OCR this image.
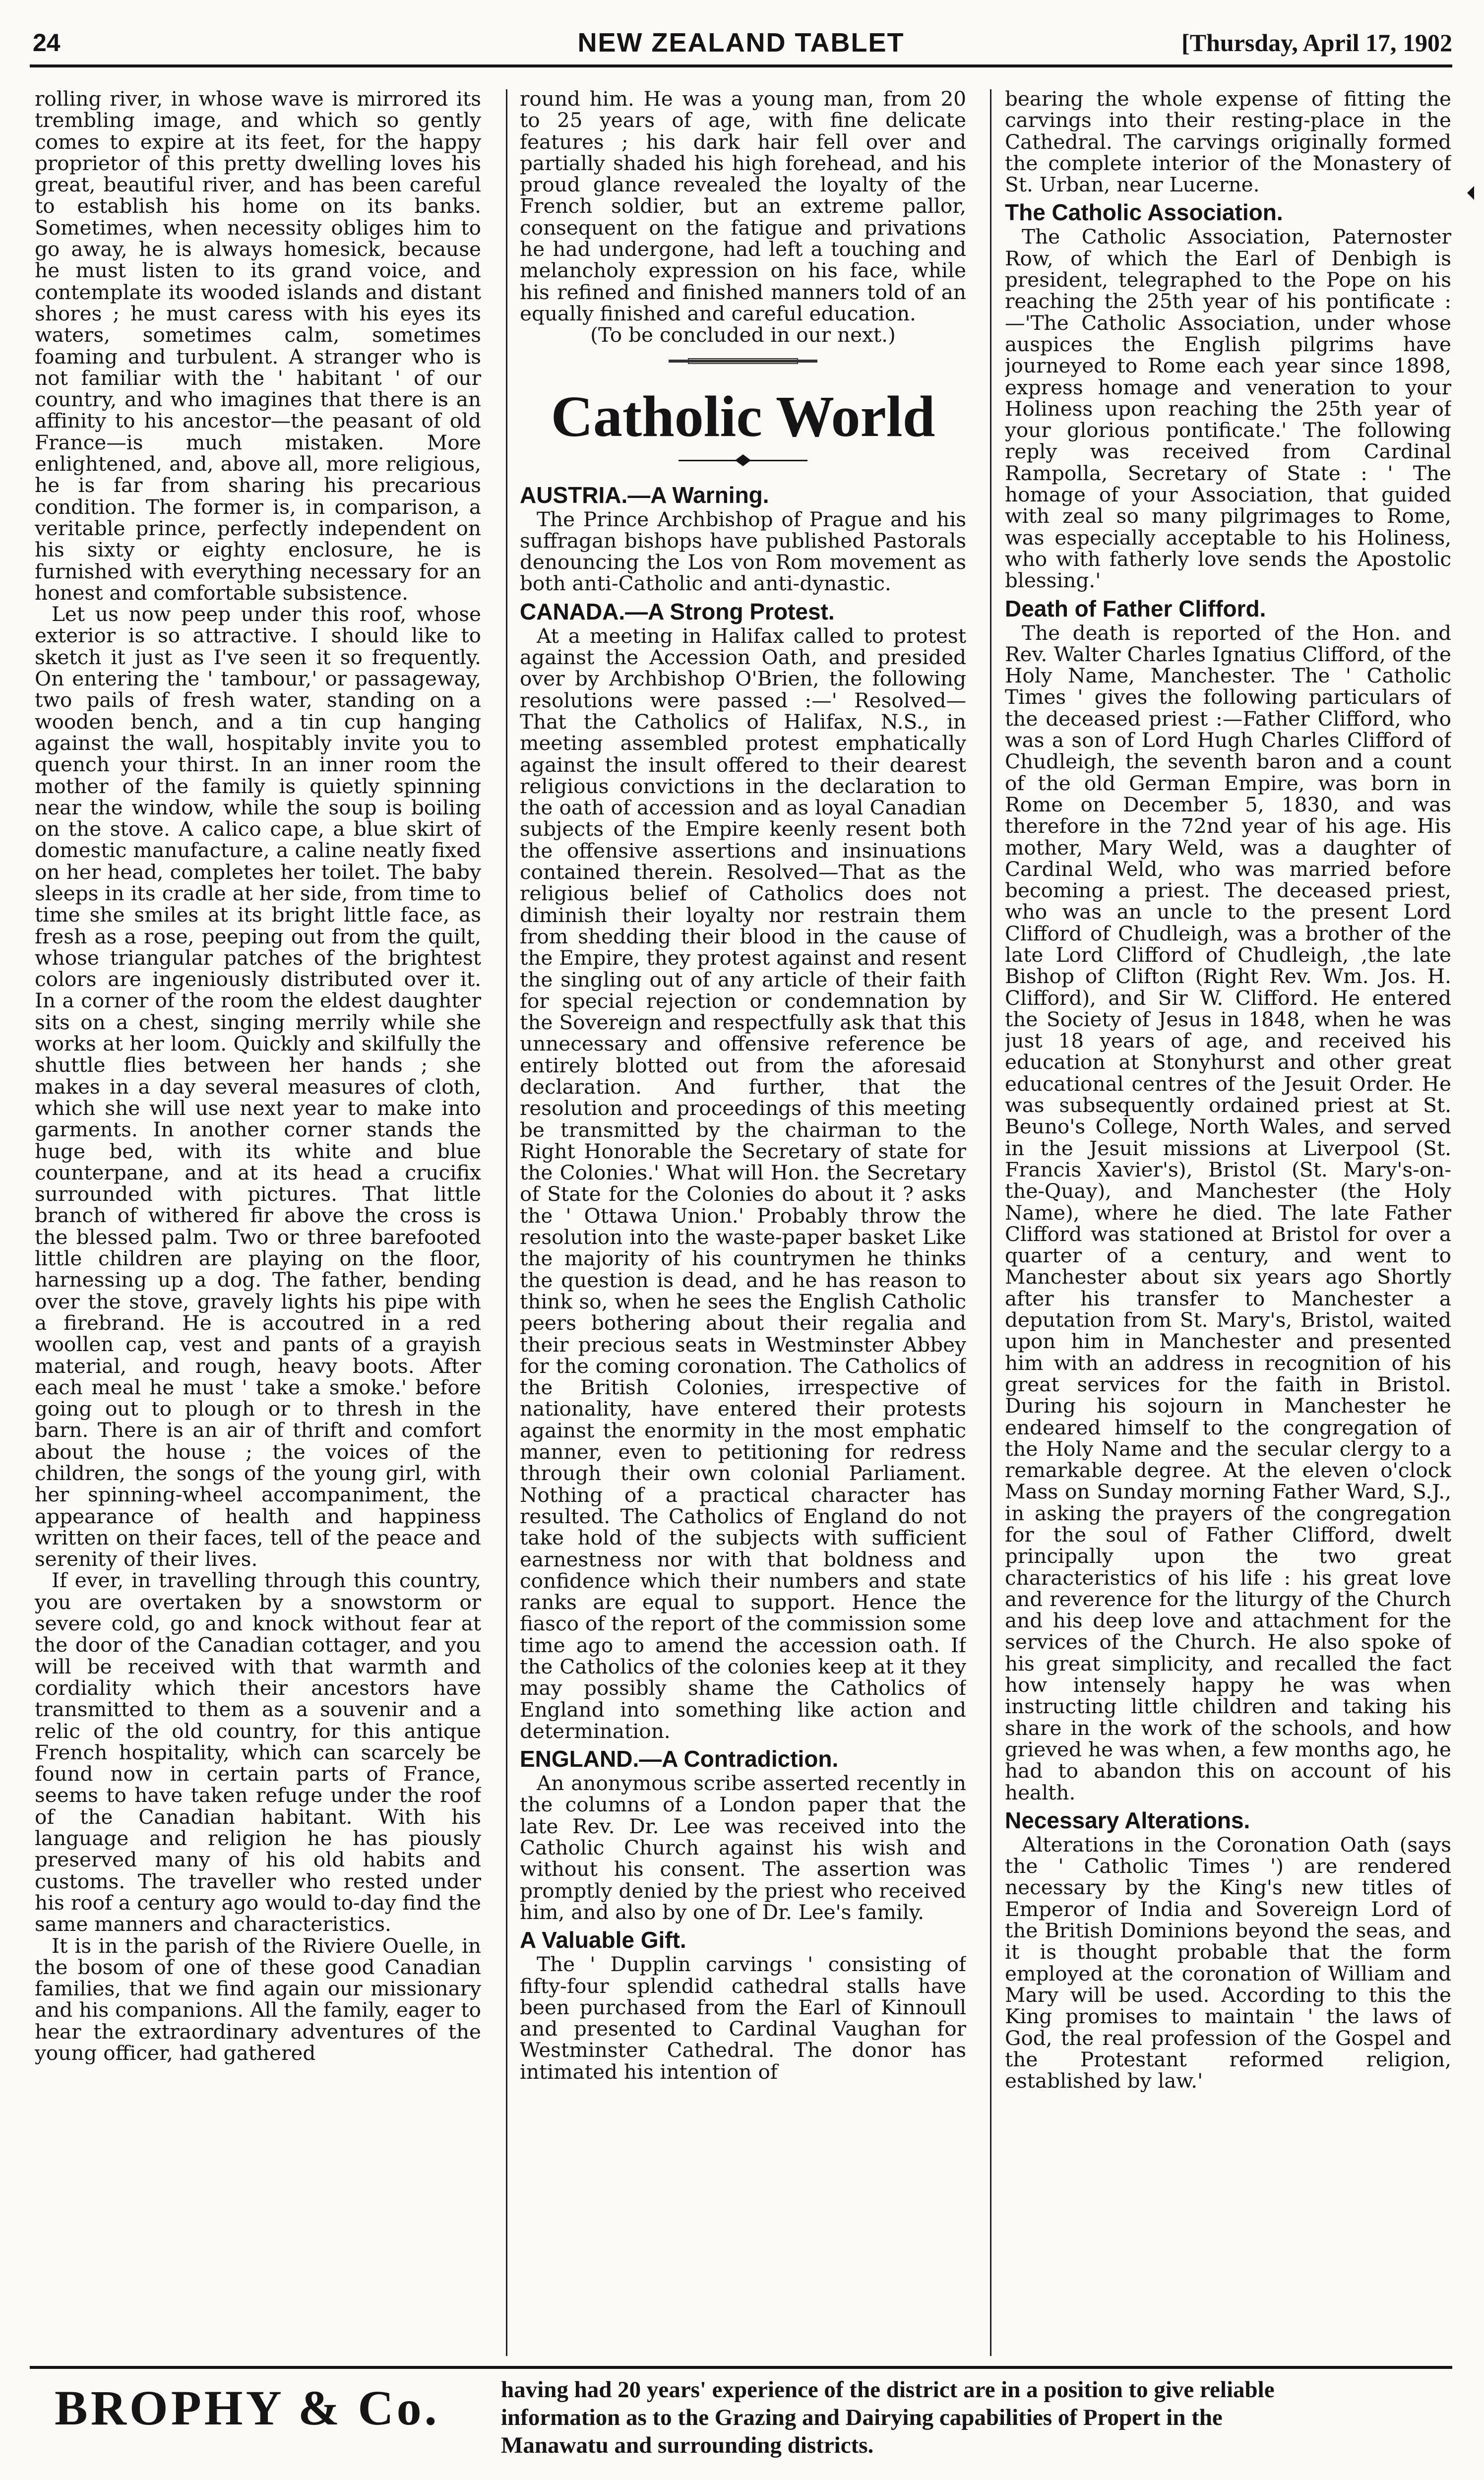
24	NEW ZEALAND TABLET	[Thursday, April 17, 1902

rolling river, in whose wave is mirrored its trembling image, and which so gently comes to expire at its feet, for the happy proprietor of this pretty dwelling loves his great, beautiful river, and has been careful to establish his home on its banks. Sometimes, when necessity obliges him to go away, he is always homesick, because he must listen to its grand voice, and contemplate its wooded islands and distant shores ; he must caress with his eyes its waters, sometimes calm, sometimes foaming and turbulent. A stranger who is not familiar with the ' habitant ' of our country, and who imagines that there is an affinity to his ancestor—the peasant of old France—is much mistaken. More enlightened, and, above all, more religious, he is far from sharing his precarious condition. The former is, in comparison, a veritable prince, perfectly independent on his sixty or eighty enclosure, he is furnished with everything necessary for an honest and comfortable subsistence.

Let us now peep under this roof, whose exterior is so attractive. I should like to sketch it just as I've seen it so frequently. On entering the ' tambour,' or passageway, two pails of fresh water, standing on a wooden bench, and a tin cup hanging against the wall, hospitably invite you to quench your thirst. In an inner room the mother of the family is quietly spinning near the window, while the soup is boiling on the stove. A calico cape, a blue skirt of domestic manufacture, a caline neatly fixed on her head, completes her toilet. The baby sleeps in its cradle at her side, from time to time she smiles at its bright little face, as fresh as a rose, peeping out from the quilt, whose triangular patches of the brightest colors are ingeniously distributed over it. In a corner of the room the eldest daughter sits on a chest, singing merrily while she works at her loom. Quickly and skilfully the shuttle flies between her hands ; she makes in a day several measures of cloth, which she will use next year to make into garments. In another corner stands the huge bed, with its white and blue counterpane, and at its head a crucifix surrounded with pictures. That little branch of withered fir above the cross is the blessed palm. Two or three barefooted little children are playing on the floor, harnessing up a dog. The father, bending over the stove, gravely lights his pipe with a firebrand. He is accoutred in a red woollen cap, vest and pants of a grayish material, and rough, heavy boots. After each meal he must ' take a smoke.' before going out to plough or to thresh in the barn. There is an air of thrift and comfort about the house ; the voices of the children, the songs of the young girl, with her spinning-wheel accompaniment, the appearance of health and happiness written on their faces, tell of the peace and serenity of their lives.

If ever, in travelling through this country, you are overtaken by a snowstorm or severe cold, go and knock without fear at the door of the Canadian cottager, and you will be received with that warmth and cordiality which their ancestors have transmitted to them as a souvenir and a relic of the old country, for this antique French hospitality, which can scarcely be found now in certain parts of France, seems to have taken refuge under the roof of the Canadian habitant. With his language and religion he has piously preserved many of his old habits and customs. The traveller who rested under his roof a century ago would to-day find the same manners and characteristics.

It is in the parish of the Riviere Ouelle, in the bosom of one of these good Canadian families, that we find again our missionary and his companions. All the family, eager to hear the extraordinary adventures of the young officer, had gathered

round him. He was a young man, from 20 to 25 years of age, with fine delicate features ; his dark hair fell over and partially shaded his high forehead, and his proud glance revealed the loyalty of the French soldier, but an extreme pallor, consequent on the fatigue and privations he had undergone, had left a touching and melancholy expression on his face, while his refined and finished manners told of an equally finished and careful education.

(To be concluded in our next.)

Catholic World
AUSTRIA.—A Warning.

The Prince Archbishop of Prague and his suffragan bishops have published Pastorals denouncing the Los von Rom movement as both anti-Catholic and anti-dynastic.

CANADA.—A Strong Protest.

At a meeting in Halifax called to protest against the Accession Oath, and presided over by Archbishop O'Brien, the following resolutions were passed :—' Resolved—That the Catholics of Halifax, N.S., in meeting assembled protest emphatically against the insult offered to their dearest religious convictions in the declaration to the oath of accession and as loyal Canadian subjects of the Empire keenly resent both the offensive assertions and insinuations contained therein. Resolved—That as the religious belief of Catholics does not diminish their loyalty nor restrain them from shedding their blood in the cause of the Empire, they protest against and resent the singling out of any article of their faith for special rejection or condemnation by the Sovereign and respectfully ask that this unnecessary and offensive reference be entirely blotted out from the aforesaid declaration. And further, that the resolution and proceedings of this meeting be transmitted by the chairman to the Right Honorable the Secretary of state for the Colonies.' What will Hon. the Secretary of State for the Colonies do about it ? asks the ' Ottawa Union.' Probably throw the resolution into the waste-paper basket Like the majority of his countrymen he thinks the question is dead, and he has reason to think so, when he sees the English Catholic peers bothering about their regalia and their precious seats in Westminster Abbey for the coming coronation. The Catholics of the British Colonies, irrespective of nationality, have entered their protests against the enormity in the most emphatic manner, even to petitioning for redress through their own colonial Parliament. Nothing of a practical character has resulted. The Catholics of England do not take hold of the subjects with sufficient earnestness nor with that boldness and confidence which their numbers and state ranks are equal to support. Hence the fiasco of the report of the commission some time ago to amend the accession oath. If the Catholics of the colonies keep at it they may possibly shame the Catholics of England into something like action and determination.

ENGLAND.—A Contradiction.

An anonymous scribe asserted recently in the columns of a London paper that the late Rev. Dr. Lee was received into the Catholic Church against his wish and without his consent. The assertion was promptly denied by the priest who received him, and also by one of Dr. Lee's family.

A Valuable Gift.

The ' Dupplin carvings ' consisting of fifty-four splendid cathedral stalls have been purchased from the Earl of Kinnoull and presented to Cardinal Vaughan for Westminster Cathedral. The donor has intimated his intention of

bearing the whole expense of fitting the carvings into their resting-place in the Cathedral. The carvings originally formed the complete interior of the Monastery of St. Urban, near Lucerne.

The Catholic Association.

The Catholic Association, Paternoster Row, of which the Earl of Denbigh is president, telegraphed to the Pope on his reaching the 25th year of his pontificate :—'The Catholic Association, under whose auspices the English pilgrims have journeyed to Rome each year since 1898, express homage and veneration to your Holiness upon reaching the 25th year of your glorious pontificate.' The following reply was received from Cardinal Rampolla, Secretary of State : ' The homage of your Association, that guided with zeal so many pilgrimages to Rome, was especially acceptable to his Holiness, who with fatherly love sends the Apostolic blessing.'

Death of Father Clifford.

The death is reported of the Hon. and Rev. Walter Charles Ignatius Clifford, of the Holy Name, Manchester. The ' Catholic Times ' gives the following particulars of the deceased priest :—Father Clifford, who was a son of Lord Hugh Charles Clifford of Chudleigh, the seventh baron and a count of the old German Empire, was born in Rome on December 5, 1830, and was therefore in the 72nd year of his age. His mother, Mary Weld, was a daughter of Cardinal Weld, who was married before becoming a priest. The deceased priest, who was an uncle to the present Lord Clifford of Chudleigh, was a brother of the late Lord Clifford of Chudleigh, ,the late Bishop of Clifton (Right Rev. Wm. Jos. H. Clifford), and Sir W. Clifford. He entered the Society of Jesus in 1848, when he was just 18 years of age, and received his education at Stonyhurst and other great educational centres of the Jesuit Order. He was subsequently ordained priest at St. Beuno's College, North Wales, and served in the Jesuit missions at Liverpool (St. Francis Xavier's), Bristol (St. Mary's-on-the-Quay), and Manchester (the Holy Name), where he died. The late Father Clifford was stationed at Bristol for over a quarter of a century, and went to Manchester about six years ago Shortly after his transfer to Manchester a deputation from St. Mary's, Bristol, waited upon him in Manchester and presented him with an address in recognition of his great services for the faith in Bristol. During his sojourn in Manchester he endeared himself to the congregation of the Holy Name and the secular clergy to a remarkable degree. At the eleven o'clock Mass on Sunday morning Father Ward, S.J., in asking the prayers of the congregation for the soul of Father Clifford, dwelt principally upon the two great characteristics of his life : his great love and reverence for the liturgy of the Church and his deep love and attachment for the services of the Church. He also spoke of his great simplicity, and recalled the fact how intensely happy he was when instructing little children and taking his share in the work of the schools, and how grieved he was when, a few months ago, he had to abandon this on account of his health.

Necessary Alterations.

Alterations in the Coronation Oath (says the ' Catholic Times ') are rendered necessary by the King's new titles of Emperor of India and Sovereign Lord of the British Dominions beyond the seas, and it is thought probable that the form employed at the coronation of William and Mary will be used. According to this the King promises to maintain ' the laws of God, the real profession of the Gospel and the Protestant reformed religion, established by law.'

BROPHY & Co.	having had 20 years' experience of the district are in a position to give reliable
information as to the Grazing and Dairying capabilities of Propert in the
Manawatu and surrounding districts.
